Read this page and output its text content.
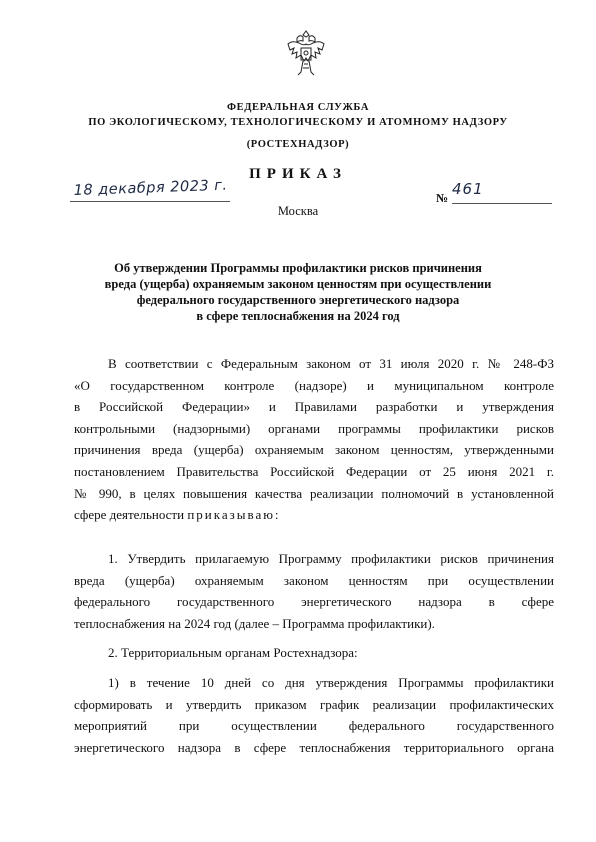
ФЕДЕРАЛЬНАЯ СЛУЖБА
ПО ЭКОЛОГИЧЕСКОМУ, ТЕХНОЛОГИЧЕСКОМУ И АТОМНОМУ НАДЗОРУ
(РОСТЕХНАДЗОР)
ПРИКАЗ
18 декабря 2023 г.	№ 461
Москва
Об утверждении Программы профилактики рисков причинения
вреда (ущерба) охраняемым законом ценностям при осуществлении
федерального государственного энергетического надзора
в сфере теплоснабжения на 2024 год
В соответствии с Федеральным законом от 31 июля 2020 г. № 248-ФЗ
«О государственном контроле (надзоре) и муниципальном контроле
в Российской Федерации» и Правилами разработки и утверждения
контрольными (надзорными) органами программы профилактики рисков
причинения вреда (ущерба) охраняемым законом ценностям, утвержденными
постановлением Правительства Российской Федерации от 25 июня 2021 г.
№ 990, в целях повышения качества реализации полномочий в установленной
сфере деятельности приказываю:
1. Утвердить прилагаемую Программу профилактики рисков причинения
вреда (ущерба) охраняемым законом ценностям при осуществлении
федерального государственного энергетического надзора в сфере
теплоснабжения на 2024 год (далее – Программа профилактики).
2. Территориальным органам Ростехнадзора:
1) в течение 10 дней со дня утверждения Программы профилактики
сформировать и утвердить приказом график реализации профилактических
мероприятий при осуществлении федерального государственного
энергетического надзора в сфере теплоснабжения территориального органа
